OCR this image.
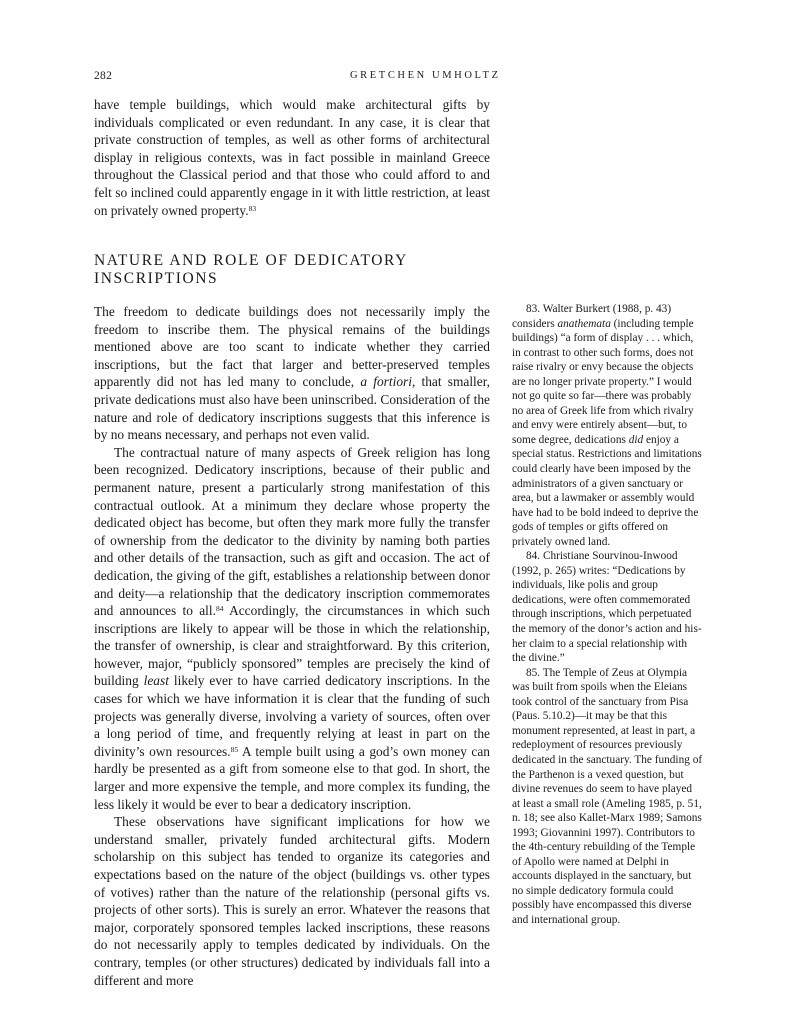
282	GRETCHEN UMHOLTZ

have temple buildings, which would make architectural gifts by individuals complicated or even redundant. In any case, it is clear that private construction of temples, as well as other forms of architectural display in religious contexts, was in fact possible in mainland Greece throughout the Classical period and that those who could afford to and felt so inclined could apparently engage in it with little restriction, at least on privately owned property.$^{83}$

NATURE AND ROLE OF DEDICATORY INSCRIPTIONS

The freedom to dedicate buildings does not necessarily imply the freedom to inscribe them. The physical remains of the buildings mentioned above are too scant to indicate whether they carried inscriptions, but the fact that larger and better-preserved temples apparently did not has led many to conclude, a fortiori, that smaller, private dedications must also have been uninscribed. Consideration of the nature and role of dedicatory inscriptions suggests that this inference is by no means necessary, and perhaps not even valid.

The contractual nature of many aspects of Greek religion has long been recognized. Dedicatory inscriptions, because of their public and permanent nature, present a particularly strong manifestation of this contractual outlook. At a minimum they declare whose property the dedicated object has become, but often they mark more fully the transfer of ownership from the dedicator to the divinity by naming both parties and other details of the transaction, such as gift and occasion. The act of dedication, the giving of the gift, establishes a relationship between donor and deity—a relationship that the dedicatory inscription commemorates and announces to all.$^{84}$ Accordingly, the circumstances in which such inscriptions are likely to appear will be those in which the relationship, the transfer of ownership, is clear and straightforward. By this criterion, however, major, “publicly sponsored” temples are precisely the kind of building least likely ever to have carried dedicatory inscriptions. In the cases for which we have information it is clear that the funding of such projects was generally diverse, involving a variety of sources, often over a long period of time, and frequently relying at least in part on the divinity’s own resources.$^{85}$ A temple built using a god’s own money can hardly be presented as a gift from someone else to that god. In short, the larger and more expensive the temple, and more complex its funding, the less likely it would be ever to bear a dedicatory inscription.

These observations have significant implications for how we understand smaller, privately funded architectural gifts. Modern scholarship on this subject has tended to organize its categories and expectations based on the nature of the object (buildings vs. other types of votives) rather than the nature of the relationship (personal gifts vs. projects of other sorts). This is surely an error. Whatever the reasons that major, corporately sponsored temples lacked inscriptions, these reasons do not necessarily apply to temples dedicated by individuals. On the contrary, temples (or other structures) dedicated by individuals fall into a different and more

83. Walter Burkert (1988, p. 43) considers anathemata (including temple buildings) “a form of display . . . which, in contrast to other such forms, does not raise rivalry or envy because the objects are no longer private property.” I would not go quite so far—there was probably no area of Greek life from which rivalry and envy were entirely absent—but, to some degree, dedications did enjoy a special status. Restrictions and limitations could clearly have been imposed by the administrators of a given sanctuary or area, but a lawmaker or assembly would have had to be bold indeed to deprive the gods of temples or gifts offered on privately owned land.

84. Christiane Sourvinou-Inwood (1992, p. 265) writes: “Dedications by individuals, like polis and group dedications, were often commemorated through inscriptions, which perpetuated the memory of the donor’s action and his-her claim to a special relationship with the divine.”

85. The Temple of Zeus at Olympia was built from spoils when the Eleians took control of the sanctuary from Pisa (Paus. 5.10.2)—it may be that this monument represented, at least in part, a redeployment of resources previously dedicated in the sanctuary. The funding of the Parthenon is a vexed question, but divine revenues do seem to have played at least a small role (Ameling 1985, p. 51, n. 18; see also Kallet-Marx 1989; Samons 1993; Giovannini 1997). Contributors to the 4th-century rebuilding of the Temple of Apollo were named at Delphi in accounts displayed in the sanctuary, but no simple dedicatory formula could possibly have encompassed this diverse and international group.
